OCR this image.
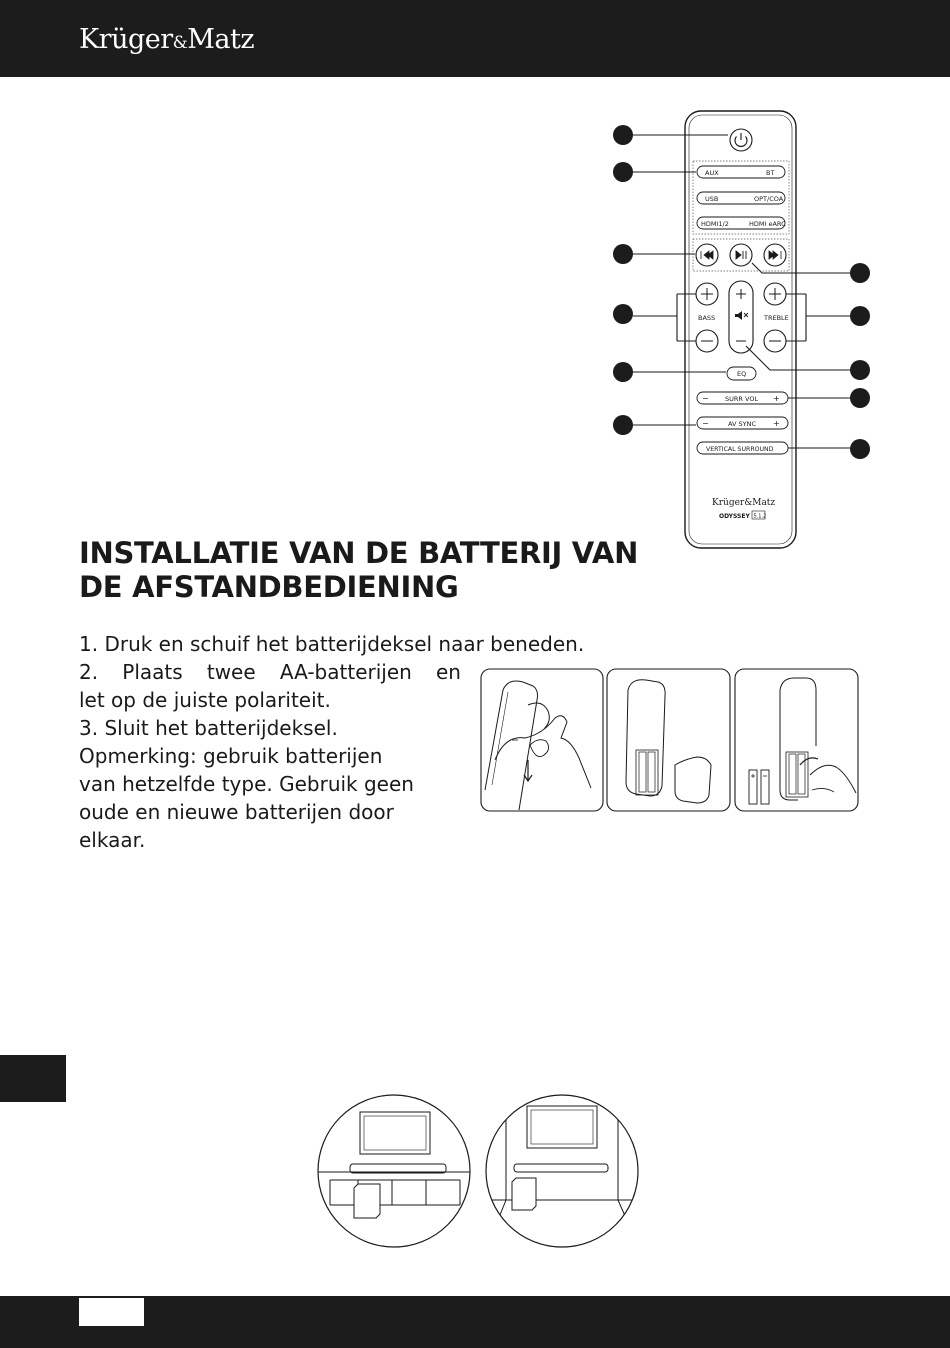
Krüger&Matz
AUX	BT
USB	OPT/COA
HDMI1/2	HDMI eARC
BASS	TREBLE
EQ
−	SURR VOL +
−	AV SYNC +
VERTICAL SURROUND
Krüger&Matz
ODYSSEY 5.1.2
INSTALLATIE VAN DE BATTERIJ VAN
DE AFSTANDBEDIENING
1. Druk en schuif het batterijdeksel naar beneden.
2. Plaats twee AA-batterijen en
let op de juiste polariteit.
3. Sluit het batterijdeksel.
Opmerking: gebruik batterijen
van hetzelfde type. Gebruik geen
oude en nieuwe batterijen door
elkaar.
